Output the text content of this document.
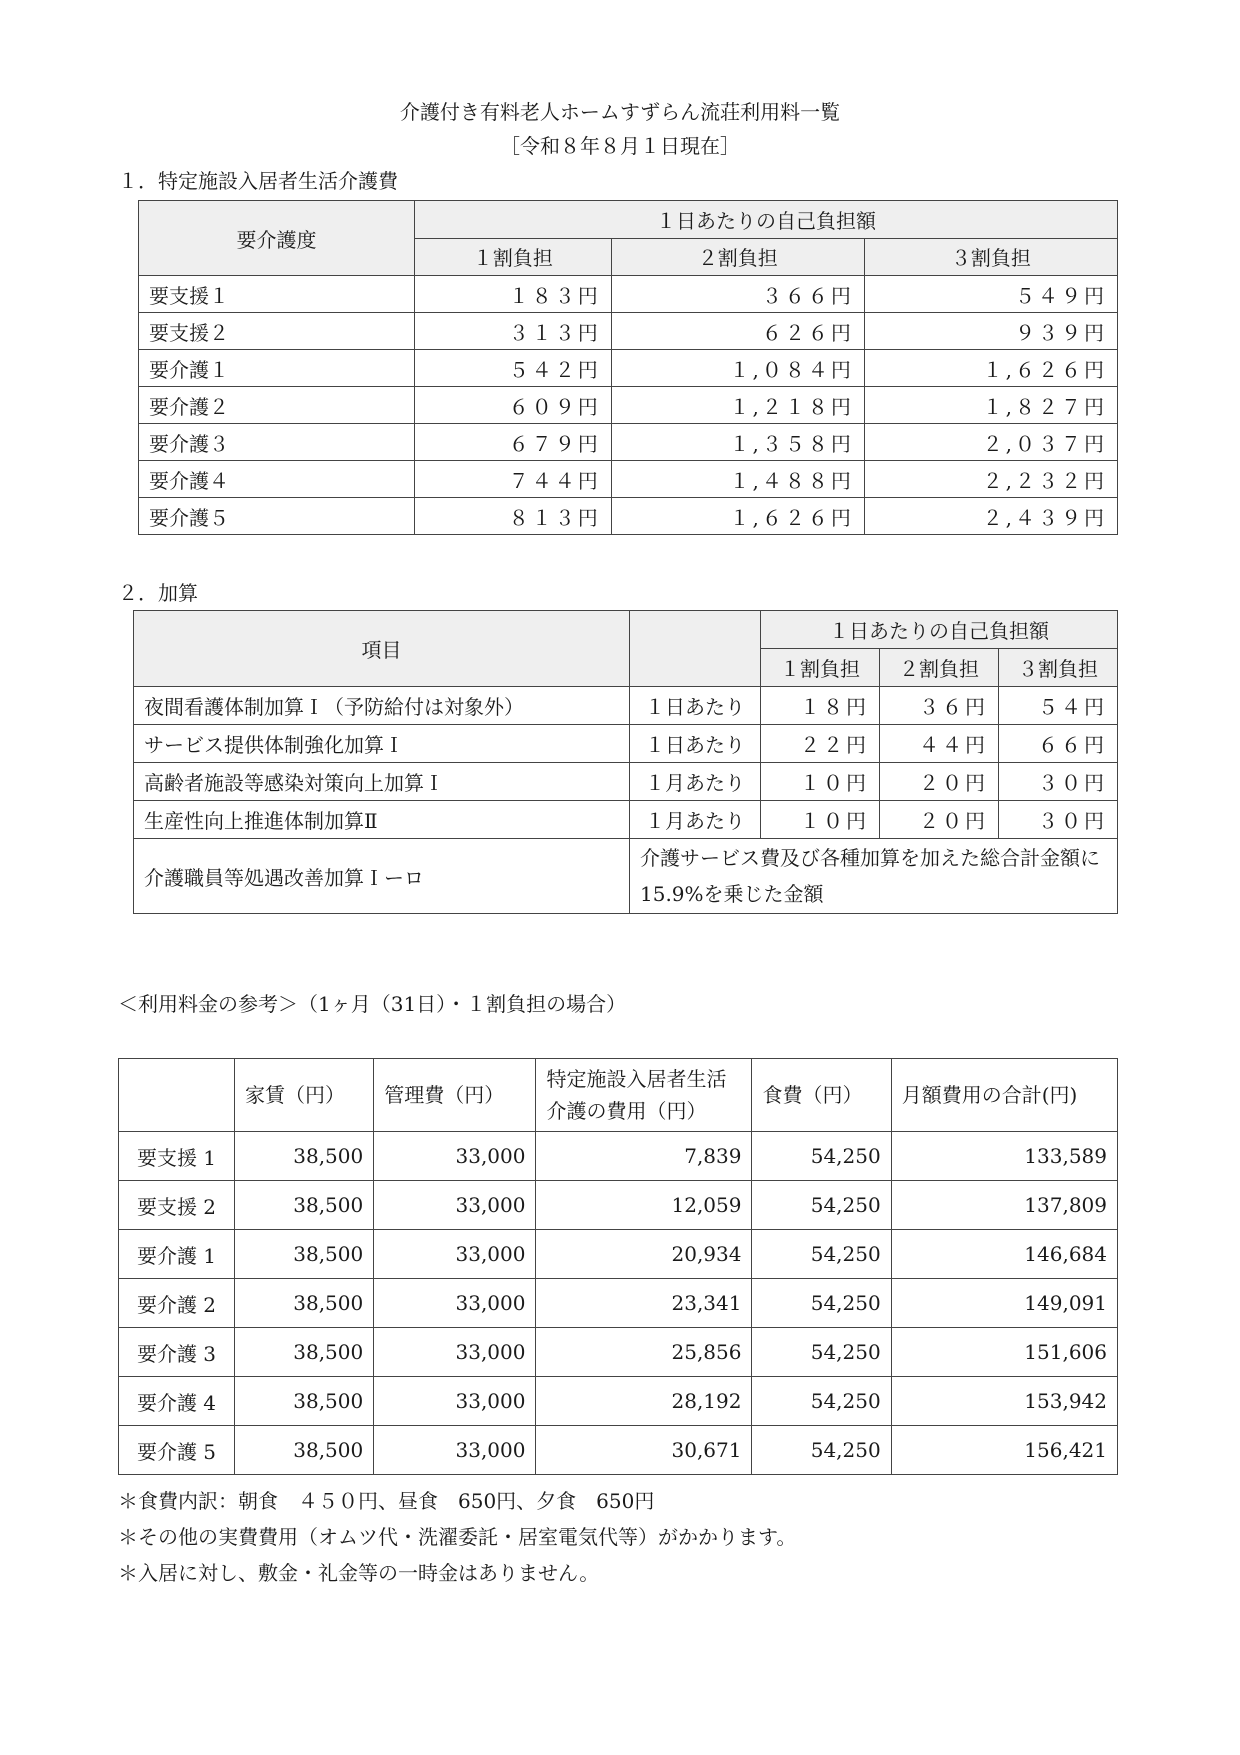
介護付き有料老人ホームすずらん流荘利用料一覧
［令和８年８月１日現在］
１．特定施設入居者生活介護費
要介護度	１日あたりの自己負担額		
	１割負担	２割負担	３割負担
要支援１	１８３円	３６６円	５４９円
要支援２	３１３円	６２６円	９３９円
要介護１	５４２円	１,０８４円	１,６２６円
要介護２	６０９円	１,２１８円	１,８２７円
要介護３	６７９円	１,３５８円	２,０３７円
要介護４	７４４円	１,４８８円	２,２３２円
要介護５	８１３円	１,６２６円	２,４３９円
２．加算
項目		１日あたりの自己負担額		
		１割負担	２割負担	３割負担
夜間看護体制加算Ｉ（予防給付は対象外）	１日あたり	１８円	３６円	５４円
サービス提供体制強化加算Ｉ	１日あたり	２２円	４４円	６６円
高齢者施設等感染対策向上加算Ｉ	１月あたり	１０円	２０円	３０円
生産性向上推進体制加算Ⅱ	１月あたり	１０円	２０円	３０円
介護職員等処遇改善加算Ｉーロ	介護サービス費及び各種加算を加えた総合計金額に 15.9%を乗じた金額			
＜利用料金の参考＞（1ヶ月（31日）・１割負担の場合）
	家賃（円）	管理費（円）	特定施設入居者生活介護の費用（円）	食費（円）	月額費用の合計(円)
要支援 1	38,500	33,000	7,839	54,250	133,589
要支援 2	38,500	33,000	12,059	54,250	137,809
要介護 1	38,500	33,000	20,934	54,250	146,684
要介護 2	38,500	33,000	23,341	54,250	149,091
要介護 3	38,500	33,000	25,856	54,250	151,606
要介護 4	38,500	33,000	28,192	54,250	153,942
要介護 5	38,500	33,000	30,671	54,250	156,421
＊食費内訳：朝食　４５０円、昼食　650円、夕食　650円
＊その他の実費費用（オムツ代・洗濯委託・居室電気代等）がかかります。
＊入居に対し、敷金・礼金等の一時金はありません。
